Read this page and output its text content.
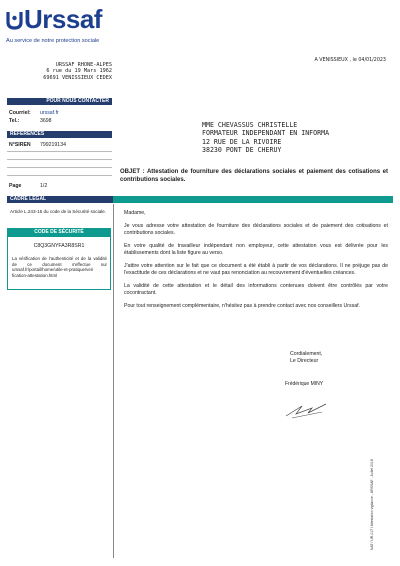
Urssaf
Au service de notre protection sociale
URSSAF RHONE-ALPES
6 rue du 19 Mars 1962
69691 VENISSIEUX CEDEX
A VENISSIEUX , le 04/01/2023
MME CHEVASSUS CHRISTELLE
FORMATEUR INDEPENDANT EN INFORMA
12 RUE DE LA RIVOIRE
38230 PONT DE CHERUY
POUR NOUS CONTACTER
Courriel: urssaf.fr
Tel.:	3698
REFERENCES
N°SIREN 799219134
Page	1/2
CADRE LEGAL
Article L.243-15 du code de la Sécurité sociale.
CODE DE SÉCURITÉ
C8Q3GNYFA3R8SR1
La vérification de l'authenticité et de la validité de ce document s'effectue sur urssaf.fr/portail/home/utile-et-pratique/veri fication-attestation.html
OBJET : Attestation de fourniture des déclarations sociales et paiement des cotisations et contributions sociales.

Madame,

Je vous adresse votre attestation de fourniture des déclarations sociales et de paiement des cotisations et contributions sociales.

En votre qualité de travailleur indépendant non employeur, cette attestation vous est délivrée pour les établissements dont la liste figure au verso.

J'attire votre attention sur le fait que ce document a été établi à partir de vos déclarations. Il ne préjuge pas de l'exactitude de ces déclarations et ne vaut pas renonciation au recouvrement d'éventuelles créances.

La validité de cette attestation et le détail des informations contenues doivent être contrôlés par votre cocontractant.

Pour tout renseignement complémentaire, n'hésitez pas à prendre contact avec nos conseillers Urssaf.

Cordialement,
Le Directeur
Frédérique MINY
NAT / UR-017 / Attestation vigilance - URSSAF - Juillet 2018
